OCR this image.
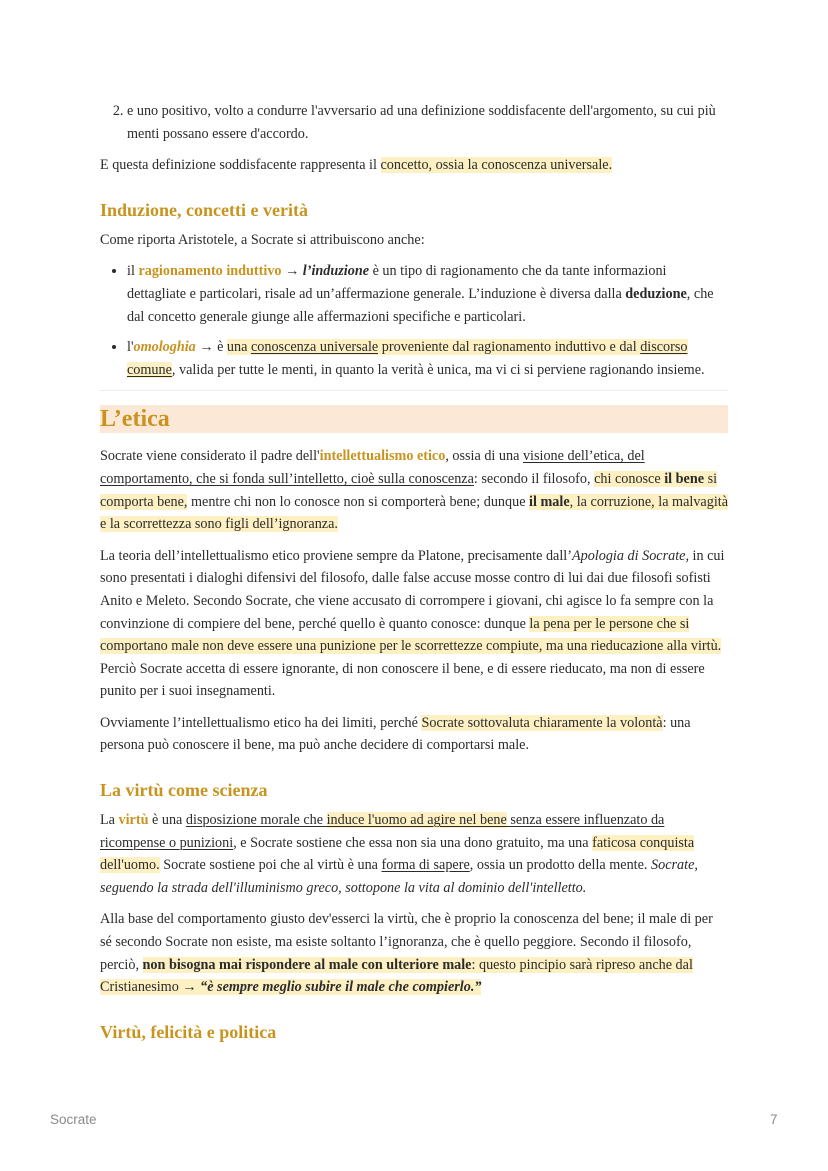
2. e uno positivo, volto a condurre l'avversario ad una definizione soddisfacente dell'argomento, su cui più menti possano essere d'accordo.

E questa definizione soddisfacente rappresenta il concetto, ossia la conoscenza universale.

Induzione, concetti e verità

Come riporta Aristotele, a Socrate si attribuiscono anche:

• il ragionamento induttivo → l’induzione è un tipo di ragionamento che da tante informazioni dettagliate e particolari, risale ad un’affermazione generale. L’induzione è diversa dalla deduzione, che dal concetto generale giunge alle affermazioni specifiche e particolari.
• l'omologhia → è una conoscenza universale proveniente dal ragionamento induttivo e dal discorso comune, valida per tutte le menti, in quanto la verità è unica, ma vi ci si perviene ragionando insieme.
L’etica

Socrate viene considerato il padre dell'intellettualismo etico, ossia di una visione dell’etica, del comportamento, che si fonda sull’intelletto, cioè sulla conoscenza: secondo il filosofo, chi conosce il bene si comporta bene, mentre chi non lo conosce non si comporterà bene; dunque il male, la corruzione, la malvagità e la scorrettezza sono figli dell’ignoranza.

La teoria dell’intellettualismo etico proviene sempre da Platone, precisamente dall’Apologia di Socrate, in cui sono presentati i dialoghi difensivi del filosofo, dalle false accuse mosse contro di lui dai due filosofi sofisti Anito e Meleto. Secondo Socrate, che viene accusato di corrompere i giovani, chi agisce lo fa sempre con la convinzione di compiere del bene, perché quello è quanto conosce: dunque la pena per le persone che si comportano male non deve essere una punizione per le scorrettezze compiute, ma una rieducazione alla virtù. Perciò Socrate accetta di essere ignorante, di non conoscere il bene, e di essere rieducato, ma non di essere punito per i suoi insegnamenti.

Ovviamente l’intellettualismo etico ha dei limiti, perché Socrate sottovaluta chiaramente la volontà: una persona può conoscere il bene, ma può anche decidere di comportarsi male.

La virtù come scienza

La virtù è una disposizione morale che induce l'uomo ad agire nel bene senza essere influenzato da ricompense o punizioni, e Socrate sostiene che essa non sia una dono gratuito, ma una faticosa conquista dell'uomo. Socrate sostiene poi che al virtù è una forma di sapere, ossia un prodotto della mente. Socrate, seguendo la strada dell'illuminismo greco, sottopone la vita al dominio dell'intelletto.

Alla base del comportamento giusto dev'esserci la virtù, che è proprio la conoscenza del bene; il male di per sé secondo Socrate non esiste, ma esiste soltanto l’ignoranza, che è quello peggiore. Secondo il filosofo, perciò, non bisogna mai rispondere al male con ulteriore male: questo pincipio sarà ripreso anche dal Cristianesimo → “è sempre meglio subire il male che compierlo.”

Virtù, felicità e politica
Socrate	7
